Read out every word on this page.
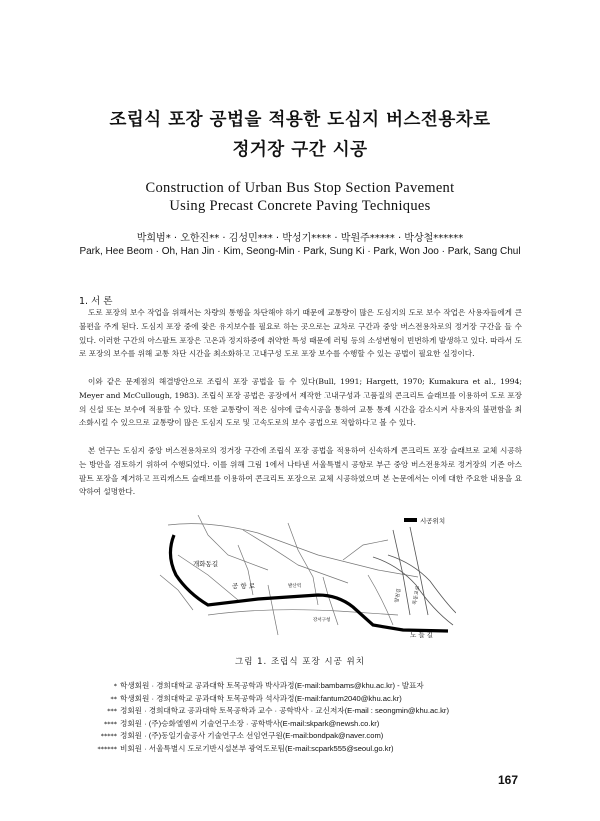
조립식 포장 공법을 적용한 도심지 버스전용차로
정거장 구간 시공
Construction of Urban Bus Stop Section Pavement
Using Precast Concrete Paving Techniques
박희범* · 오한진** · 김성민*** · 박성기**** · 박원주***** · 박상철******
Park, Hee Beom · Oh, Han Jin · Kim, Seong-Min · Park, Sung Ki · Park, Won Joo · Park, Sang Chul
1. 서 론
도로 포장의 보수 작업을 위해서는 차량의 통행을 차단해야 하기 때문에 교통량이 많은 도심지의 도로 보수 작업은 사용자들에게 큰 불편을 주게 된다. 도심지 포장 중에 잦은 유지보수를 필요로 하는 곳으로는 교차로 구간과 중앙 버스전용차로의 정거장 구간을 들 수 있다. 이러한 구간의 아스팔트 포장은 고온과 정지하중에 취약한 특성 때문에 러팅 등의 소성변형이 빈번하게 발생하고 있다. 따라서 도로 포장의 보수를 위해 교통 차단 시간을 최소화하고 고내구성 도로 포장 보수를 수행할 수 있는 공법이 필요한 실정이다.
이와 같은 문제점의 해결방안으로 조립식 포장 공법을 들 수 있다(Bull, 1991; Hargett, 1970; Kumakura et al., 1994; Meyer and McCullough, 1983). 조립식 포장 공법은 공장에서 제작한 고내구성과 고품질의 콘크리트 슬래브를 이용하여 도로 포장의 신설 또는 보수에 적용할 수 있다. 또한 교통량이 적은 심야에 급속시공을 통하여 교통 통제 시간을 감소시켜 사용자의 불편함을 최소화시킬 수 있으므로 교통량이 많은 도심지 도로 및 고속도로의 보수 공법으로 적합하다고 볼 수 있다.
본 연구는 도심지 중앙 버스전용차로의 정거장 구간에 조립식 포장 공법을 적용하여 신속하게 콘크리트 포장 슬래브로 교체 시공하는 방안을 검토하기 위하여 수행되었다. 이를 위해 그림 1에서 나타낸 서울특별시 공항로 부근 중앙 버스전용차로 정거장의 기존 아스팔트 포장을 제거하고 프리캐스트 슬래브를 이용하여 콘크리트 포장으로 교체 시공하였으며 본 논문에서는 이에 대한 주요한 내용을 요약하여 설명한다.
시공위치
개화동길
공 항 로	발산역
강서구청
노 들 길
양천길 목동교로
그림 1. 조립식 포장 시공 위치
* 학생회원 · 경희대학교 공과대학 토목공학과 박사과정(E-mail:bambams@khu.ac.kr) - 발표자
** 학생회원 · 경희대학교 공과대학 토목공학과 석사과정(E-mail:fantum2040@khu.ac.kr)
*** 정회원 · 경희대학교 공과대학 토목공학과 교수 · 공학박사 · 교신저자(E-mail : seongmin@khu.ac.kr)
**** 정회원 · (주)승화엘엠씨 기술연구소장 · 공학박사(E-mail:skpark@newsh.co.kr)
***** 정회원 · (주)동일기술공사 기술연구소 선임연구원(E-mail:bondpak@naver.com)
****** 비회원 · 서울특별시 도로기반시설본부 광역도로팀(E-mail:scpark555@seoul.go.kr)
167
